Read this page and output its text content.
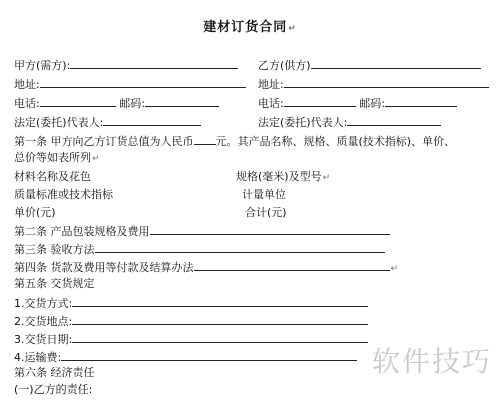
建材订货合同↵
甲方(需方):	乙方(供方)
地址:	地址:
电话:	邮码:	电话:	邮码:
法定(委托)代表人:	法定(委托)代表人:
第一条 甲方向乙方订货总值为人民币 元。其产品名称、规格、质量(技术指标)、单价、
总价等如表所列↵
材料名称及花色	规格(毫米)及型号↵
质量标准或技术指标	计量单位
单价(元)	合计(元)
第二条 产品包装规格及费用
第三条 验收方法
第四条 货款及费用等付款及结算办法	↵
第五条 交货规定
1.交货方式:
2.交货地点:
3.交货日期:
4.运输费:
第六条 经济责任
(一)乙方的责任:
软件技巧
